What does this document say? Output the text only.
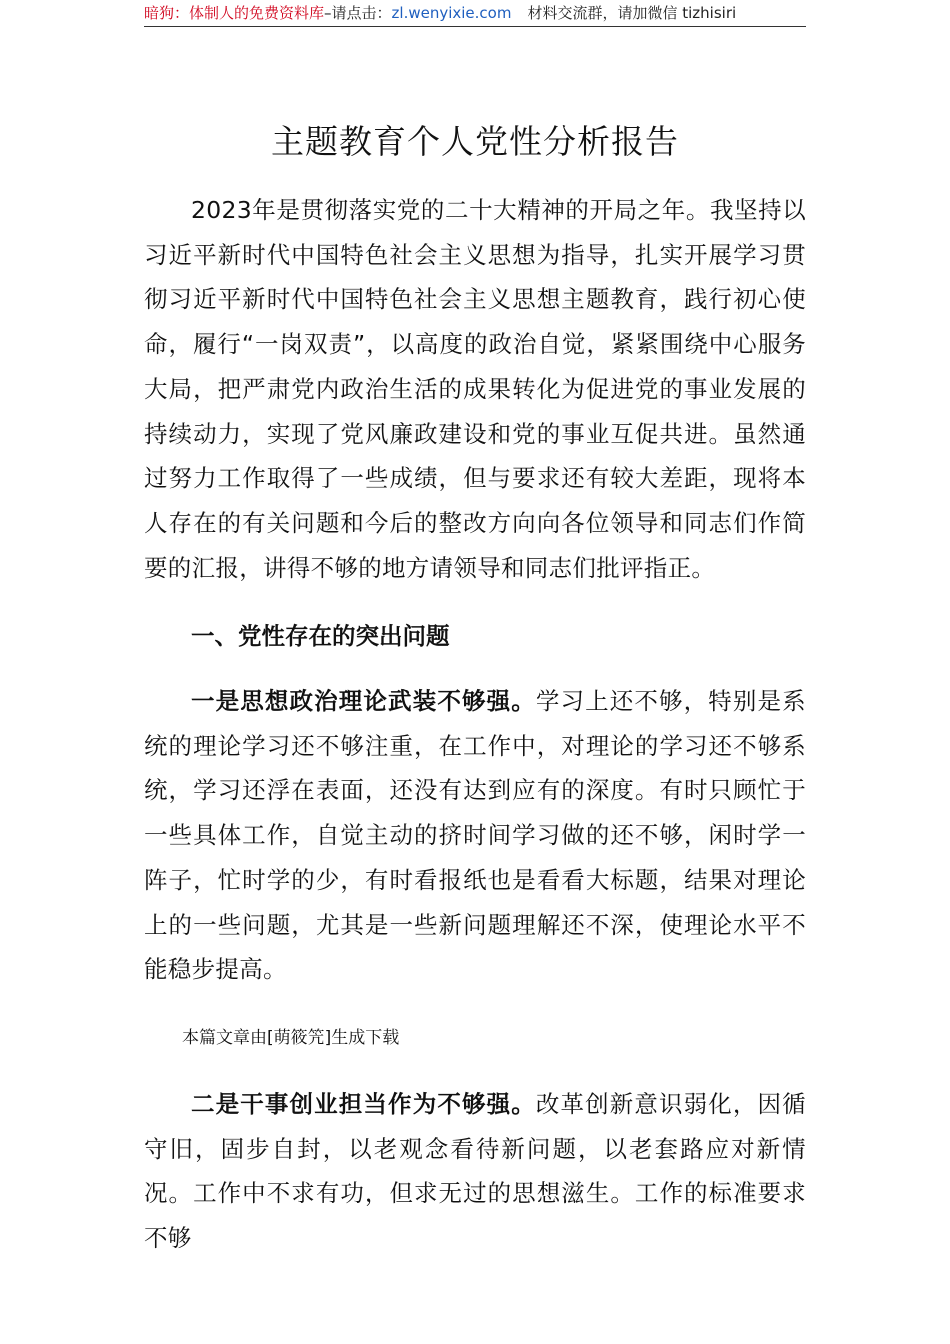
暗狗：体制人的免费资料库–请点击：zl.wenyixie.com 材料交流群，请加微信 tizhisiri
主题教育个人党性分析报告

2023年是贯彻落实党的二十大精神的开局之年。我坚持以习近平新时代中国特色社会主义思想为指导，扎实开展学习贯彻习近平新时代中国特色社会主义思想主题教育，践行初心使命，履行“一岗双责”，以高度的政治自觉，紧紧围绕中心服务大局，把严肃党内政治生活的成果转化为促进党的事业发展的持续动力，实现了党风廉政建设和党的事业互促共进。虽然通过努力工作取得了一些成绩，但与要求还有较大差距，现将本人存在的有关问题和今后的整改方向向各位领导和同志们作简要的汇报，讲得不够的地方请领导和同志们批评指正。

一、党性存在的突出问题

一是思想政治理论武装不够强。学习上还不够，特别是系统的理论学习还不够注重，在工作中，对理论的学习还不够系统，学习还浮在表面，还没有达到应有的深度。有时只顾忙于一些具体工作，自觉主动的挤时间学习做的还不够，闲时学一阵子，忙时学的少，有时看报纸也是看看大标题，结果对理论上的一些问题，尤其是一些新问题理解还不深，使理论水平不能稳步提高。

本篇文章由[萌筱笐]生成下载

二是干事创业担当作为不够强。改革创新意识弱化，因循守旧，固步自封，以老观念看待新问题，以老套路应对新情况。工作中不求有功，但求无过的思想滋生。工作的标准要求不够
